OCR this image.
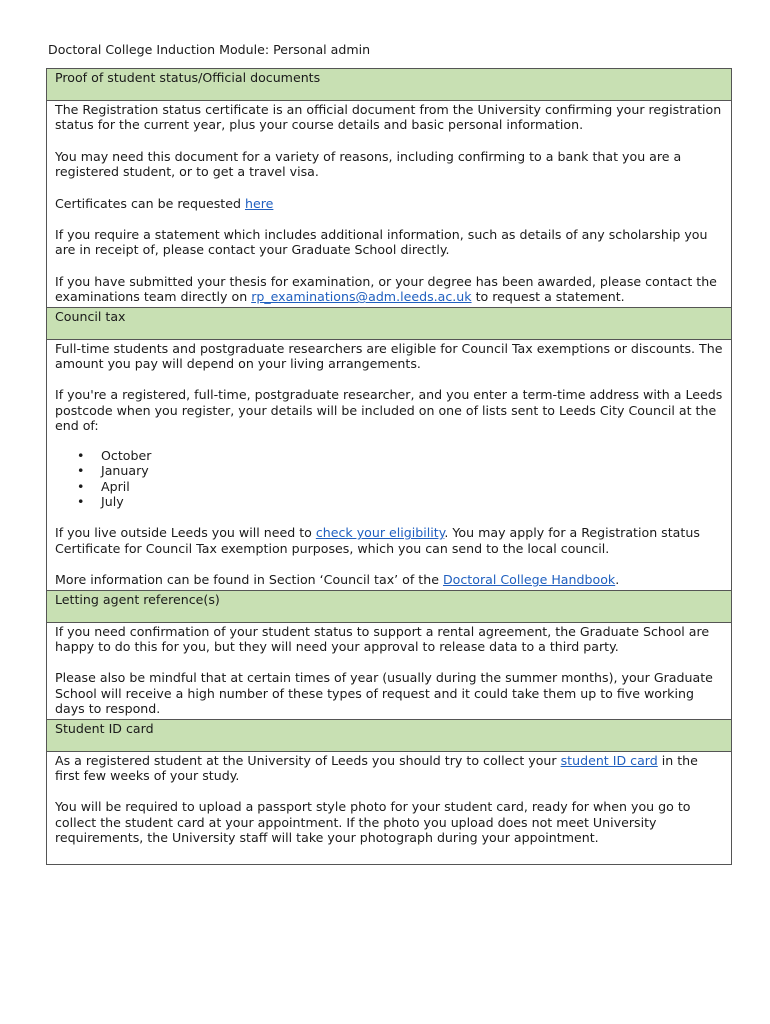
Doctoral College Induction Module: Personal admin
Proof of student status/Official documents

The Registration status certificate is an official document from the University confirming your registration status for the current year, plus your course details and basic personal information.

You may need this document for a variety of reasons, including confirming to a bank that you are a registered student, or to get a travel visa.

Certificates can be requested here

If you require a statement which includes additional information, such as details of any scholarship you are in receipt of, please contact your Graduate School directly.

If you have submitted your thesis for examination, or your degree has been awarded, please contact the examinations team directly on rp_examinations@adm.leeds.ac.uk to request a statement.

Council tax

Full-time students and postgraduate researchers are eligible for Council Tax exemptions or discounts. The amount you pay will depend on your living arrangements.

If you're a registered, full-time, postgraduate researcher, and you enter a term-time address with a Leeds postcode when you register, your details will be included on one of lists sent to Leeds City Council at the end of:

• October
• January
• April
• July

If you live outside Leeds you will need to check your eligibility. You may apply for a Registration status Certificate for Council Tax exemption purposes, which you can send to the local council.

More information can be found in Section ‘Council tax’ of the Doctoral College Handbook.

Letting agent reference(s)

If you need confirmation of your student status to support a rental agreement, the Graduate School are happy to do this for you, but they will need your approval to release data to a third party.

Please also be mindful that at certain times of year (usually during the summer months), your Graduate School will receive a high number of these types of request and it could take them up to five working days to respond.

Student ID card

As a registered student at the University of Leeds you should try to collect your student ID card in the first few weeks of your study.

You will be required to upload a passport style photo for your student card, ready for when you go to collect the student card at your appointment. If the photo you upload does not meet University requirements, the University staff will take your photograph during your appointment.
